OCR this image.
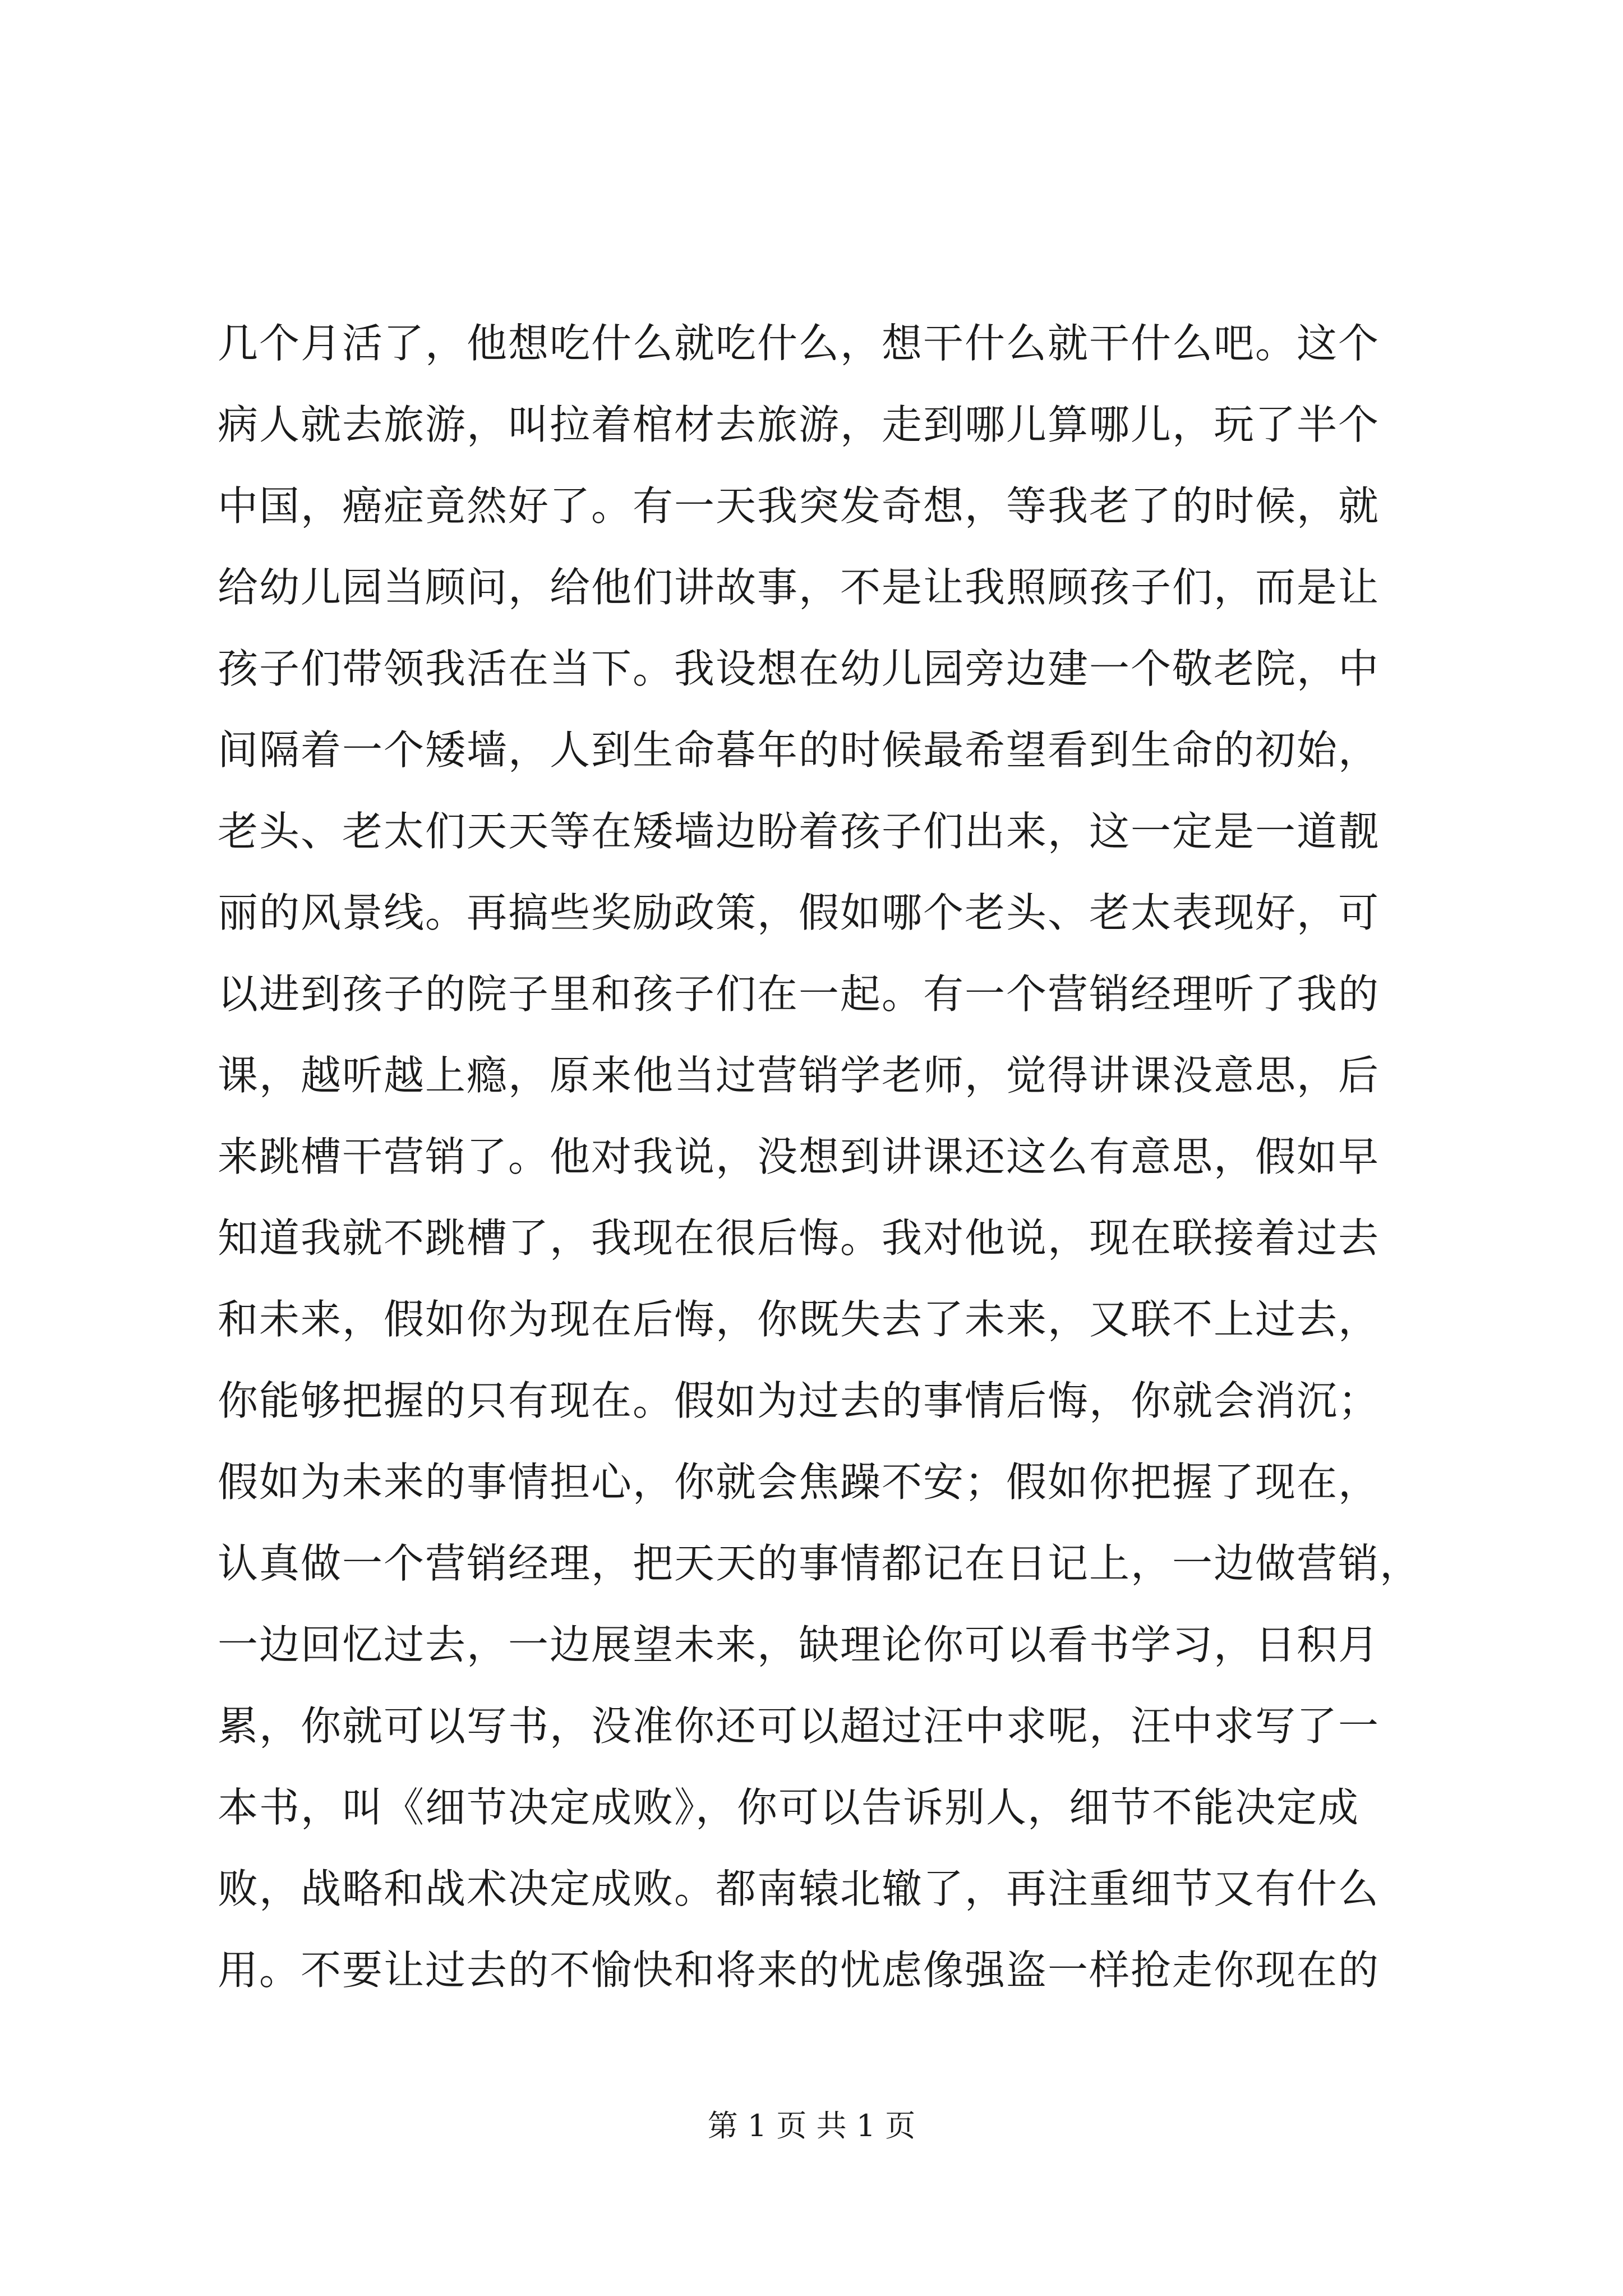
几个月活了，他想吃什么就吃什么，想干什么就干什么吧。这个
病人就去旅游，叫拉着棺材去旅游，走到哪儿算哪儿，玩了半个
中国，癌症竟然好了。有一天我突发奇想，等我老了的时候，就
给幼儿园当顾问，给他们讲故事，不是让我照顾孩子们，而是让
孩子们带领我活在当下。我设想在幼儿园旁边建一个敬老院，中
间隔着一个矮墙，人到生命暮年的时候最希望看到生命的初始，
老头、老太们天天等在矮墙边盼着孩子们出来，这一定是一道靓
丽的风景线。再搞些奖励政策，假如哪个老头、老太表现好，可
以进到孩子的院子里和孩子们在一起。有一个营销经理听了我的
课，越听越上瘾，原来他当过营销学老师，觉得讲课没意思，后
来跳槽干营销了。他对我说，没想到讲课还这么有意思，假如早
知道我就不跳槽了，我现在很后悔。我对他说，现在联接着过去
和未来，假如你为现在后悔，你既失去了未来，又联不上过去，
你能够把握的只有现在。假如为过去的事情后悔，你就会消沉；
假如为未来的事情担心，你就会焦躁不安；假如你把握了现在，
认真做一个营销经理，把天天的事情都记在日记上，一边做营销，
一边回忆过去，一边展望未来，缺理论你可以看书学习，日积月
累，你就可以写书，没准你还可以超过汪中求呢，汪中求写了一
本书，叫《细节决定成败》，你可以告诉别人，细节不能决定成
败，战略和战术决定成败。都南辕北辙了，再注重细节又有什么
用。不要让过去的不愉快和将来的忧虑像强盗一样抢走你现在的
第 1 页 共 1 页
